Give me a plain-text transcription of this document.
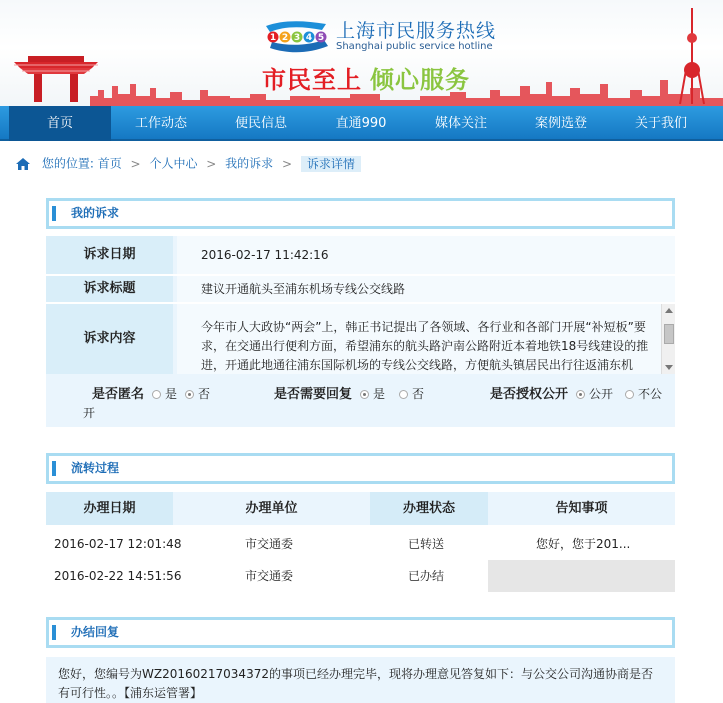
1 2 3 4 5 上海市民服务热线
Shanghai public service hotline
市民至上 倾心服务
首页	工作动态	便民信息	直通990	媒体关注	案例选登	关于我们
您的位置: 首页 > 个人中心 > 我的诉求 > 诉求详情
我的诉求
诉求日期	2016-02-17 11:42:16
诉求标题	建议开通航头至浦东机场专线公交线路
诉求内容
今年市人大政协“两会”上，韩正书记提出了各领域、各行业和各部门开展“补短板”要求，在交通出行便利方面，希望浦东的航头路沪南公路附近本着地铁18号线建设的推进，开通此地通往浦东国际机场的专线公交线路，方便航头镇居民出行往返浦东机
是否匿名 是 否	是否需要回复 是 否	是否授权公开 公开 不公
开
流转过程
办理日期	办理单位	办理状态	告知事项
2016-02-17 12:01:48	市交通委	已转送	您好，您于201...
2016-02-22 14:51:56	市交通委	已办结
办结回复
您好，您编号为WZ20160217034372的事项已经办理完毕，现将办理意见答复如下：与公交公司沟通协商是否有可行性。。【浦东运管署】
